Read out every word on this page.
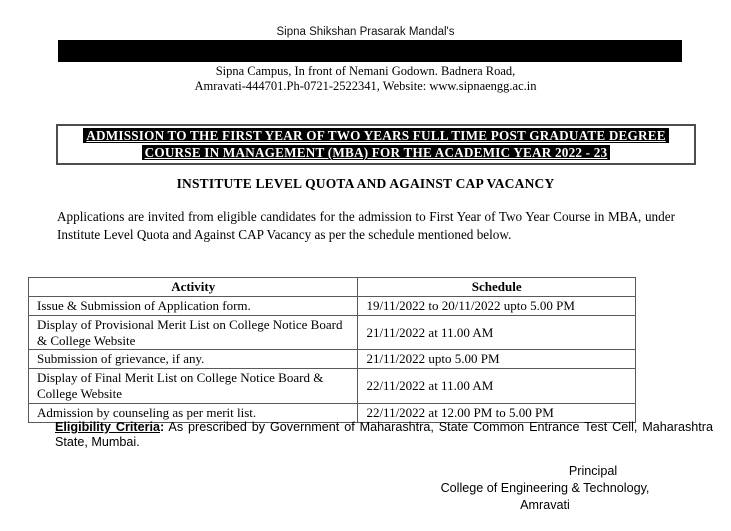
Sipna Shikshan Prasarak Mandal's
Sipna Campus, In front of Nemani Godown. Badnera Road,
Amravati-444701.Ph-0721-2522341, Website: www.sipnaengg.ac.in
ADMISSION TO THE FIRST YEAR OF TWO YEARS FULL TIME POST GRADUATE DEGREE
COURSE IN MANAGEMENT (MBA) FOR THE ACADEMIC YEAR 2022 - 23
INSTITUTE LEVEL QUOTA AND AGAINST CAP VACANCY
Applications are invited from eligible candidates for the admission to First Year of Two Year Course in MBA, under Institute Level Quota and Against CAP Vacancy as per the schedule mentioned below.
Activity	Schedule
Issue & Submission of Application form.	19/11/2022 to 20/11/2022 upto 5.00 PM
Display of Provisional Merit List on College Notice Board & College Website	21/11/2022 at 11.00 AM
Submission of grievance, if any.	21/11/2022 upto 5.00 PM
Display of Final Merit List on College Notice Board & College Website	22/11/2022 at 11.00 AM
Admission by counseling as per merit list.	22/11/2022 at 12.00 PM to 5.00 PM
Eligibility Criteria: As prescribed by Government of Maharashtra, State Common Entrance Test Cell, Maharashtra State, Mumbai.
Principal
College of Engineering & Technology,
Amravati
